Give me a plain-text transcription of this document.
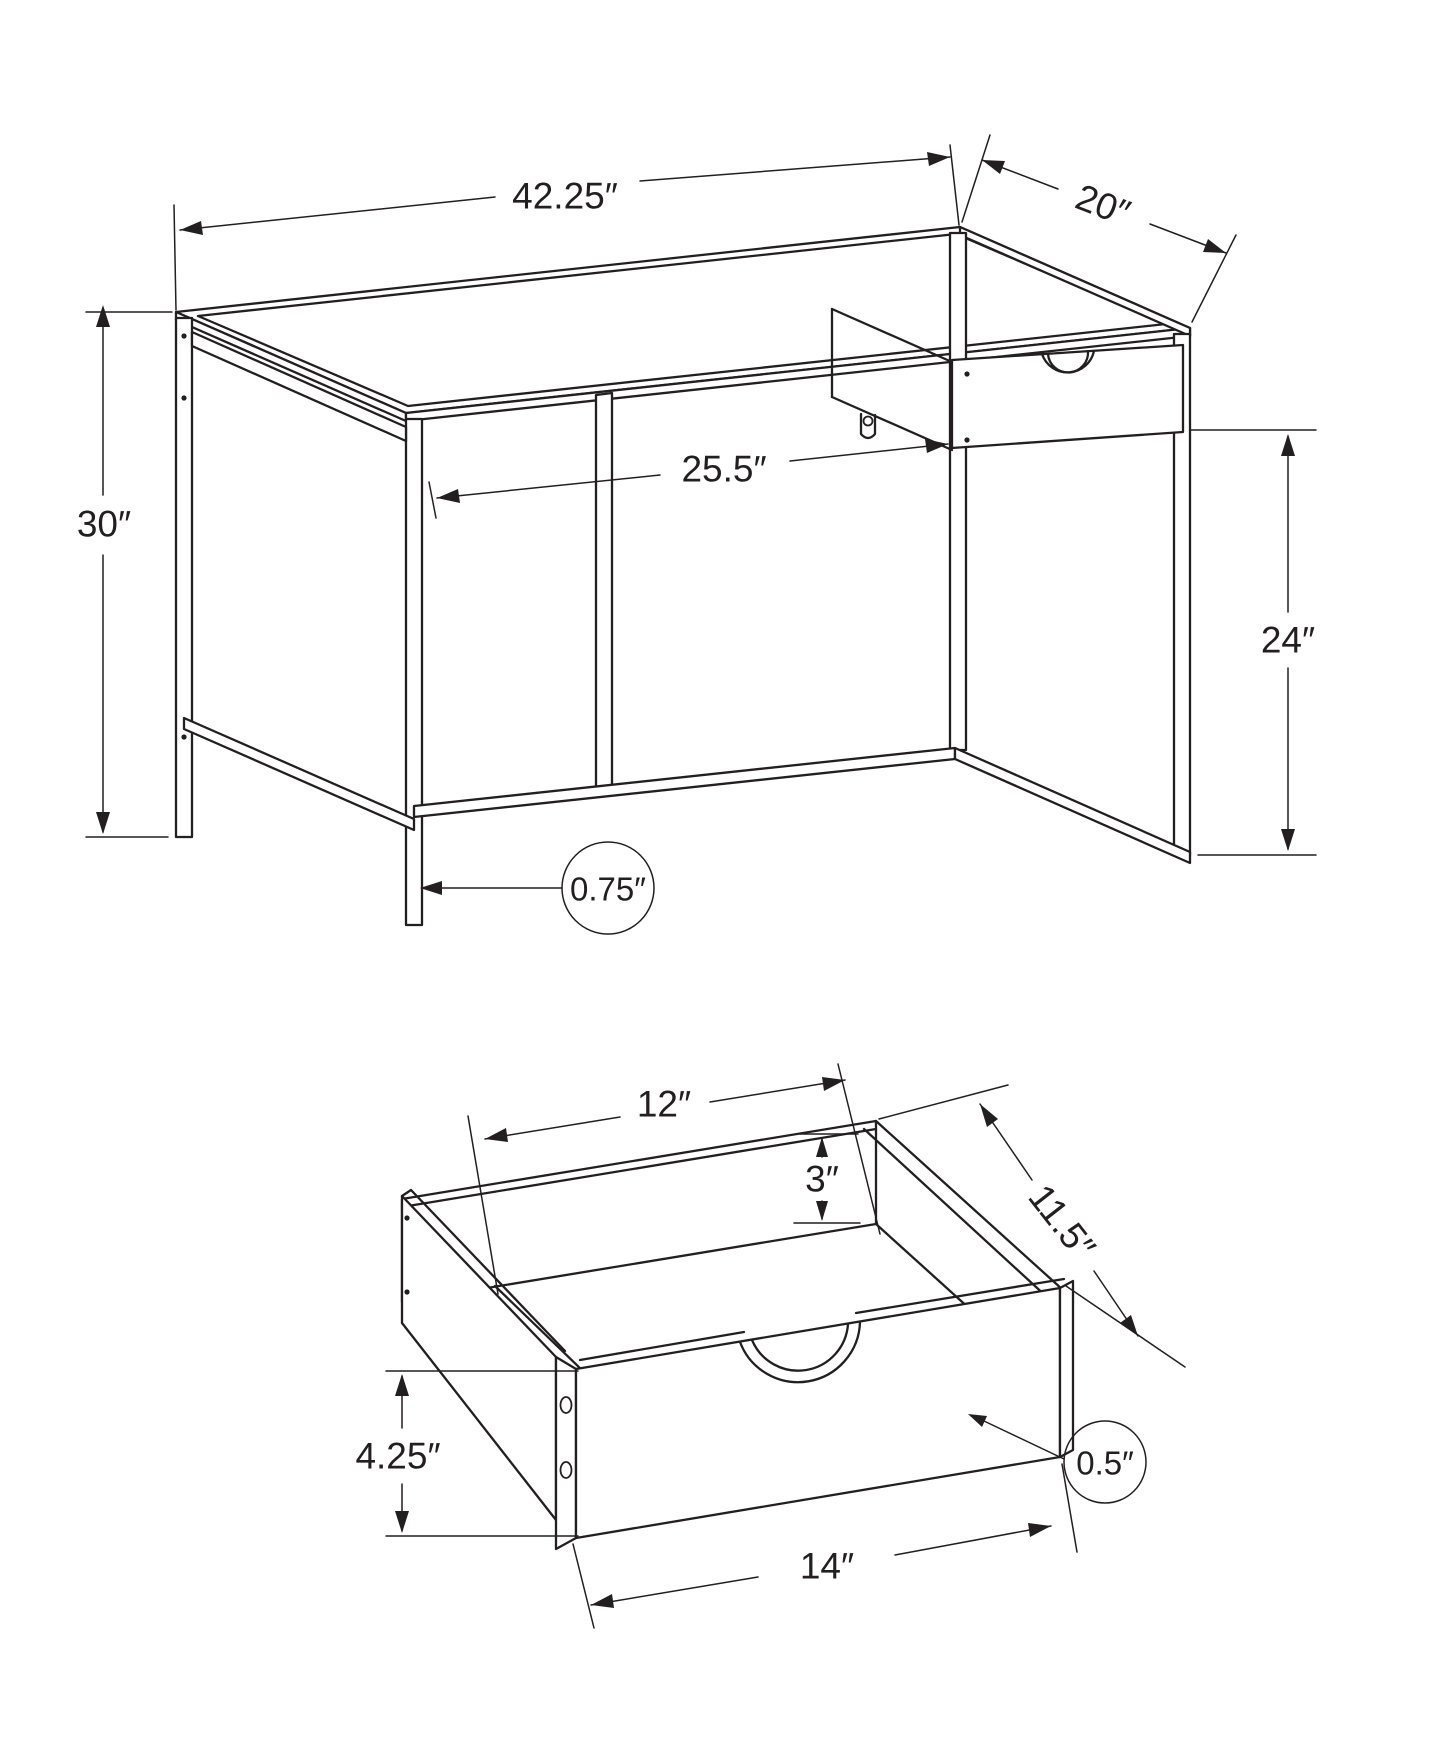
42.25″	20″
30″
25.5″
24″
0.75″
12″
3″	11.5″
4.25″
14″
0.5″
